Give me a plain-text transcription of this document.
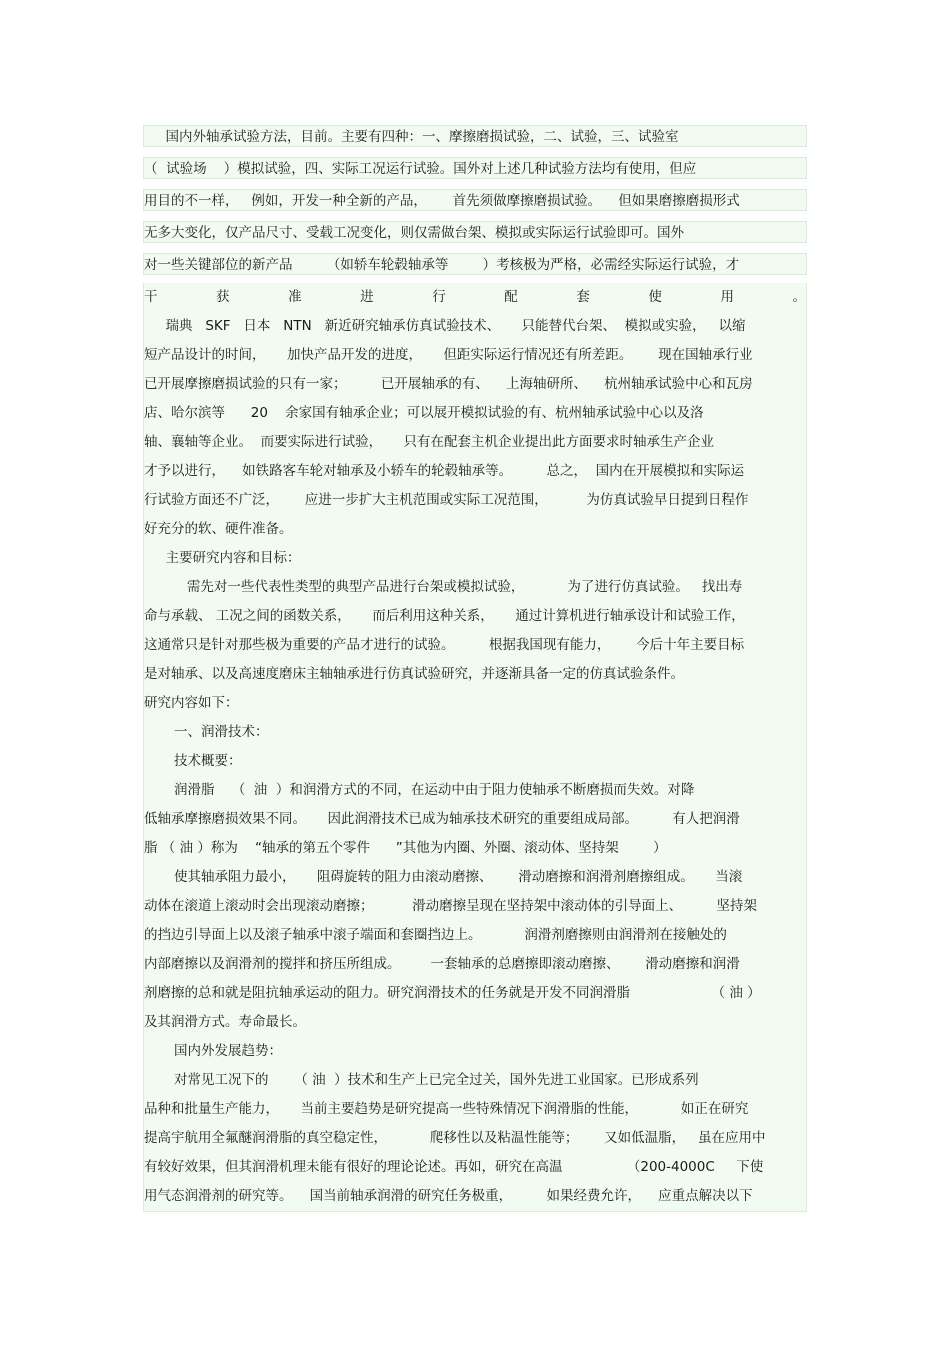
国内外轴承试验方法，目前。主要有四种：一、摩擦磨损试验，二、试验，三、试验室
（  试验场    ）模拟试验，四、实际工况运行试验。国外对上述几种试验方法均有使用，但应
用目的不一样，   例如，开发一种全新的产品，      首先须做摩擦磨损试验。    但如果磨擦磨损形式
无多大变化，仅产品尺寸、受载工况变化，则仅需做台架、模拟或实际运行试验即可。国外
对一些关键部位的新产品        （如轿车轮毂轴承等        ）考核极为严格，必需经实际运行试验，才
干 获 准 进 行 配 套 使 用 。
瑞典   SKF   日本   NTN   新近研究轴承仿真试验技术、     只能替代台架、  模拟或实验，   以缩
短产品设计的时间，     加快产品开发的进度，     但距实际运行情况还有所差距。      现在国轴承行业
已开展摩擦磨损试验的只有一家；        已开展轴承的有、    上海轴研所、    杭州轴承试验中心和瓦房
店、哈尔滨等      20    余家国有轴承企业；可以展开模拟试验的有、杭州轴承试验中心以及洛
轴、襄轴等企业。  而要实际进行试验，     只有在配套主机企业提出此方面要求时轴承生产企业
才予以进行，    如铁路客车轮对轴承及小轿车的轮毂轴承等。        总之，  国内在开展模拟和实际运
行试验方面还不广泛，      应进一步扩大主机范围或实际工况范围，         为仿真试验早日提到日程作
好充分的软、硬件准备。
主要研究内容和目标：
需先对一些代表性类型的典型产品进行台架或模拟试验，          为了进行仿真试验。   找出寿
命与承载、 工况之间的函数关系，     而后利用这种关系，     通过计算机进行轴承设计和试验工作，
这通常只是针对那些极为重要的产品才进行的试验。        根据我国现有能力，      今后十年主要目标
是对轴承、以及高速度磨床主轴轴承进行仿真试验研究，并逐渐具备一定的仿真试验条件。
研究内容如下：
一、润滑技术：
技术概要：
润滑脂    （  油  ）和润滑方式的不同，在运动中由于阻力使轴承不断磨损而失效。对降
低轴承摩擦磨损效果不同。     因此润滑技术已成为轴承技术研究的重要组成局部。        有人把润滑
脂 （ 油 ）称为    “轴承的第五个零件      ”其他为内圈、外圈、滚动体、坚持架        ）
使其轴承阻力最小，     阻碍旋转的阻力由滚动磨擦、      滑动磨擦和润滑剂磨擦组成。     当滚
动体在滚道上滚动时会出现滚动磨擦；         滑动磨擦呈现在坚持架中滚动体的引导面上、        坚持架
的挡边引导面上以及滚子轴承中滚子端面和套圈挡边上。          润滑剂磨擦则由润滑剂在接触处的
内部磨擦以及润滑剂的搅拌和挤压所组成。       一套轴承的总磨擦即滚动磨擦、      滑动磨擦和润滑
剂磨擦的总和就是阻抗轴承运动的阻力。研究润滑技术的任务就是开发不同润滑脂                   （ 油 ）
及其润滑方式。寿命最长。
国内外发展趋势：
对常见工况下的      （ 油  ）技术和生产上已完全过关，国外先进工业国家。已形成系列
品种和批量生产能力，     当前主要趋势是研究提高一些特殊情况下润滑脂的性能，          如正在研究
提高宇航用全氟醚润滑脂的真空稳定性，          爬移性以及粘温性能等；      又如低温脂，   虽在应用中
有较好效果，但其润滑机理未能有很好的理论论述。再如，研究在高温               （200-4000C     下使
用气态润滑剂的研究等。    国当前轴承润滑的研究任务极重，        如果经费允许，    应重点解决以下
